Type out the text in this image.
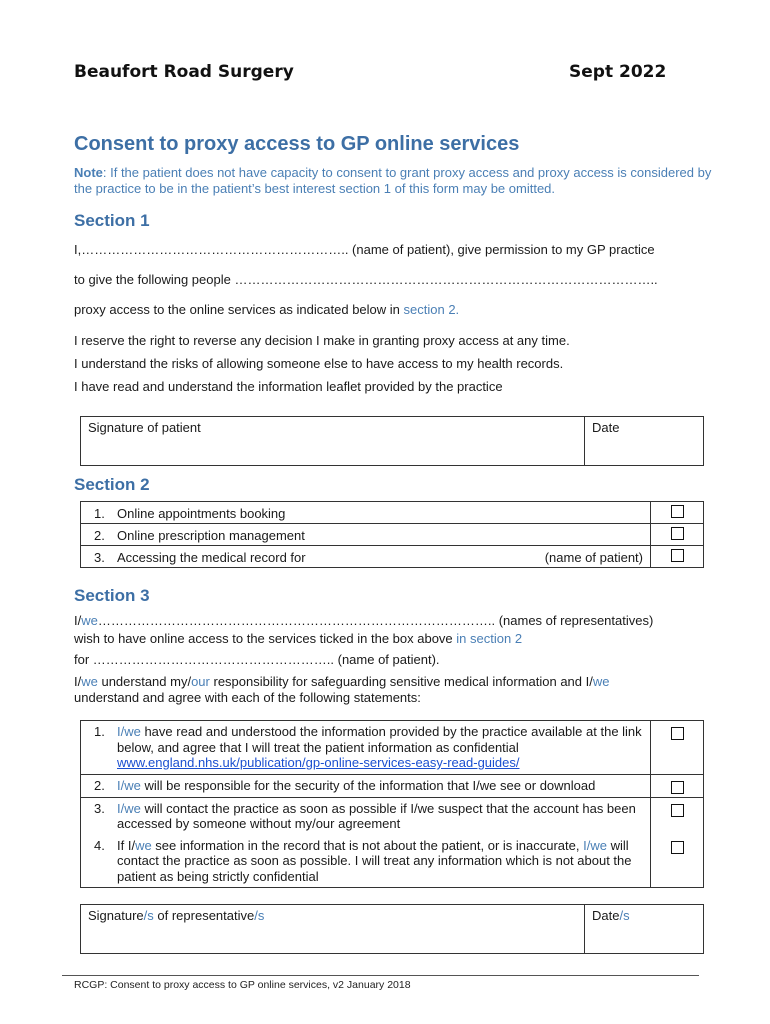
Beaufort Road Surgery	Sept 2022
Consent to proxy access to GP online services
Note: If the patient does not have capacity to consent to grant proxy access and proxy access is considered by the practice to be in the patient’s best interest section 1 of this form may be omitted.
Section 1
I,…………………………………………………….. (name of patient), give permission to my GP practice
to give the following people ……………………………………………………………………………………..
proxy access to the online services as indicated below in section 2.
I reserve the right to reverse any decision I make in granting proxy access at any time.
I understand the risks of allowing someone else to have access to my health records.
I have read and understand the information leaflet provided by the practice
Signature of patient	Date
Section 2
1. Online appointments booking	

2. Online prescription management	

3. Accessing the medical record for (name of patient)	

Section 3
I/we……………………………………………………………………………….. (names of representatives)
wish to have online access to the services ticked in the box above in section 2
for ……………………………………………….. (name of patient).
I/we understand my/our responsibility for safeguarding sensitive medical information and I/we
understand and agree with each of the following statements:
1. I/we have read and understood the information provided by the practice available at the link below, and agree that I will treat the patient information as confidential
www.england.nhs.uk/publication/gp-online-services-easy-read-guides/	

2. I/we will be responsible for the security of the information that I/we see or download	

3. I/we will contact the practice as soon as possible if I/we suspect that the account has been accessed by someone without my/our agreement	

4. If I/we see information in the record that is not about the patient, or is inaccurate, I/we will contact the practice as soon as possible. I will treat any information which is not about the patient as being strictly confidential	
Signature/s of representative/s	Date/s
RCGP: Consent to proxy access to GP online services, v2 January 2018
